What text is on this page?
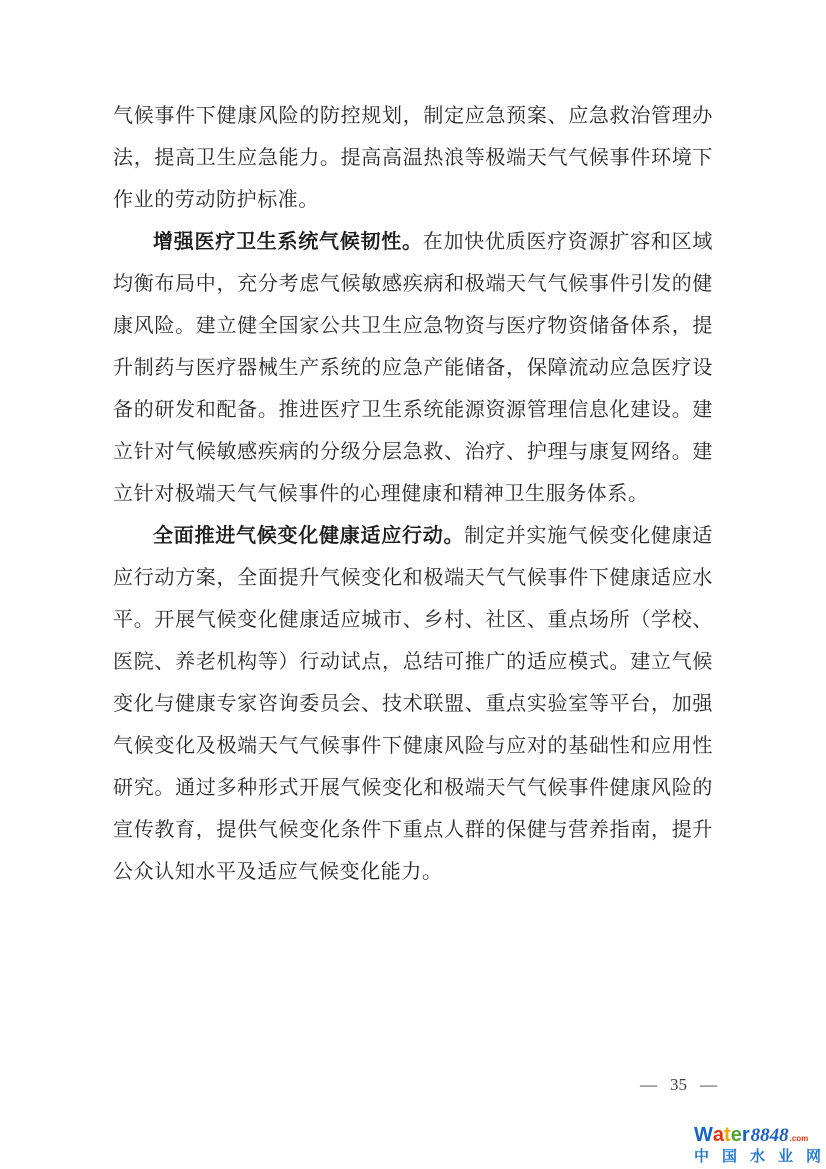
气候事件下健康风险的防控规划，制定应急预案、应急救治管理办法，提高卫生应急能力。提高高温热浪等极端天气气候事件环境下作业的劳动防护标准。

增强医疗卫生系统气候韧性。在加快优质医疗资源扩容和区域均衡布局中，充分考虑气候敏感疾病和极端天气气候事件引发的健康风险。建立健全国家公共卫生应急物资与医疗物资储备体系，提升制药与医疗器械生产系统的应急产能储备，保障流动应急医疗设备的研发和配备。推进医疗卫生系统能源资源管理信息化建设。建立针对气候敏感疾病的分级分层急救、治疗、护理与康复网络。建立针对极端天气气候事件的心理健康和精神卫生服务体系。

全面推进气候变化健康适应行动。制定并实施气候变化健康适应行动方案，全面提升气候变化和极端天气气候事件下健康适应水平。开展气候变化健康适应城市、乡村、社区、重点场所（学校、医院、养老机构等）行动试点，总结可推广的适应模式。建立气候变化与健康专家咨询委员会、技术联盟、重点实验室等平台，加强气候变化及极端天气气候事件下健康风险与应对的基础性和应用性研究。通过多种形式开展气候变化和极端天气气候事件健康风险的宣传教育，提供气候变化条件下重点人群的保健与营养指南，提升公众认知水平及适应气候变化能力。

— 35 —
W a t e r 8848 .com
中 国 水 业 网
